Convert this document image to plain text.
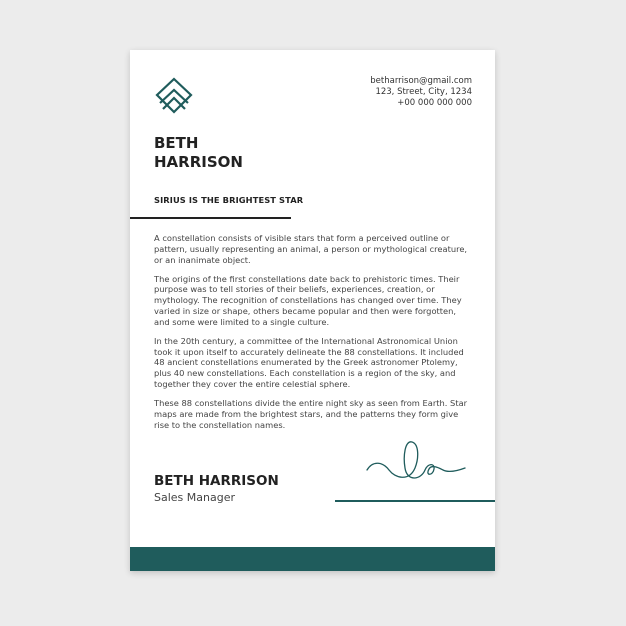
BETH
HARRISON
betharrison@gmail.com
123, Street, City, 1234
+00 000 000 000
SIRIUS IS THE BRIGHTEST STAR

A constellation consists of visible stars that form a perceived outline or pattern, usually representing an animal, a person or mythological creature, or an inanimate object.

The origins of the first constellations date back to prehistoric times. Their purpose was to tell stories of their beliefs, experiences, creation, or mythology. The recognition of constellations has changed over time. They varied in size or shape, others became popular and then were forgotten, and some were limited to a single culture.

In the 20th century, a committee of the International Astronomical Union took it upon itself to accurately delineate the 88 constellations. It included 48 ancient constellations enumerated by the Greek astronomer Ptolemy, plus 40 new constellations. Each constellation is a region of the sky, and together they cover the entire celestial sphere.

These 88 constellations divide the entire night sky as seen from Earth. Star maps are made from the brightest stars, and the patterns they form give rise to the constellation names.

BETH HARRISON
Sales Manager
